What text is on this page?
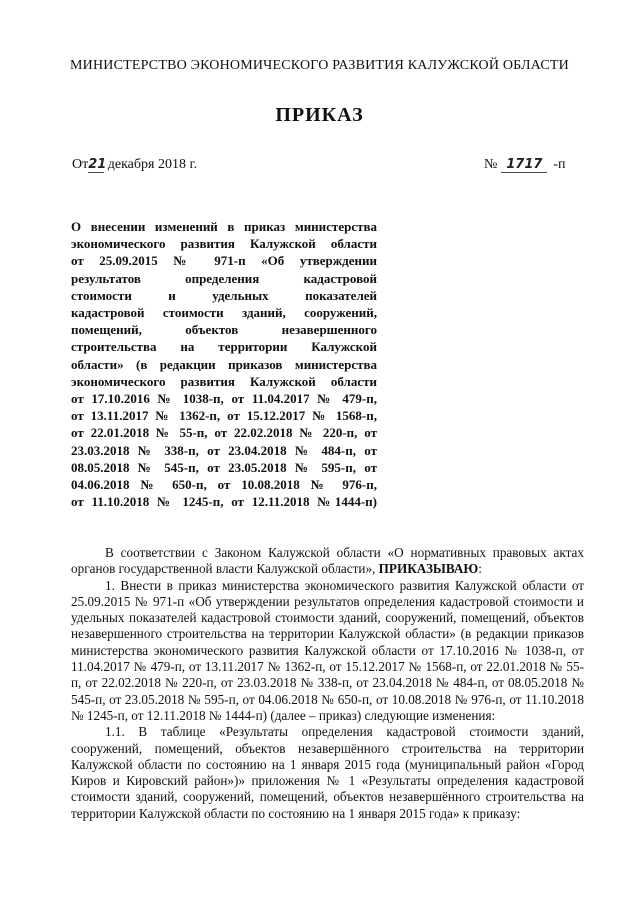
МИНИСТЕРСТВО ЭКОНОМИЧЕСКОГО РАЗВИТИЯ КАЛУЖСКОЙ ОБЛАСТИ
ПРИКАЗ
От21 декабря 2018 г.	№ 1717 -п
О внесении изменений в приказ министерства
экономического развития Калужской области
от 25.09.2015 № 971-п «Об утверждении
результатов определения кадастровой
стоимости и удельных показателей
кадастровой стоимости зданий, сооружений,
помещений, объектов незавершенного
строительства на территории Калужской
области» (в редакции приказов министерства
экономического развития Калужской области
от 17.10.2016 № 1038-п, от 11.04.2017 № 479-п,
от 13.11.2017 № 1362-п, от 15.12.2017 № 1568-п,
от 22.01.2018 № 55-п, от 22.02.2018 № 220-п, от
23.03.2018 № 338-п, от 23.04.2018 № 484-п, от
08.05.2018 № 545-п, от 23.05.2018 № 595-п, от
04.06.2018 № 650-п, от 10.08.2018 № 976-п,
от 11.10.2018 № 1245-п, от 12.11.2018 №1444-п)

В соответствии с Законом Калужской области «О нормативных правовых актах органов государственной власти Калужской области», ПРИКАЗЫВАЮ:

1. Внести в приказ министерства экономического развития Калужской области от 25.09.2015 № 971-п «Об утверждении результатов определения кадастровой стоимости и удельных показателей кадастровой стоимости зданий, сооружений, помещений, объектов незавершенного строительства на территории Калужской области» (в редакции приказов министерства экономического развития Калужской области от 17.10.2016 № 1038-п, от 11.04.2017 № 479-п, от 13.11.2017 № 1362-п, от 15.12.2017 № 1568-п, от 22.01.2018 № 55-п, от 22.02.2018 № 220-п, от 23.03.2018 № 338-п, от 23.04.2018 № 484-п, от 08.05.2018 № 545-п, от 23.05.2018 № 595-п, от 04.06.2018 № 650-п, от 10.08.2018 № 976-п, от 11.10.2018 № 1245-п, от 12.11.2018 № 1444-п) (далее – приказ) следующие изменения:

1.1. В таблице «Результаты определения кадастровой стоимости зданий, сооружений, помещений, объектов незавершённого строительства на территории Калужской области по состоянию на 1 января 2015 года (муниципальный район «Город Киров и Кировский район»)» приложения № 1 «Результаты определения кадастровой стоимости зданий, сооружений, помещений, объектов незавершённого строительства на территории Калужской области по состоянию на 1 января 2015 года» к приказу:
